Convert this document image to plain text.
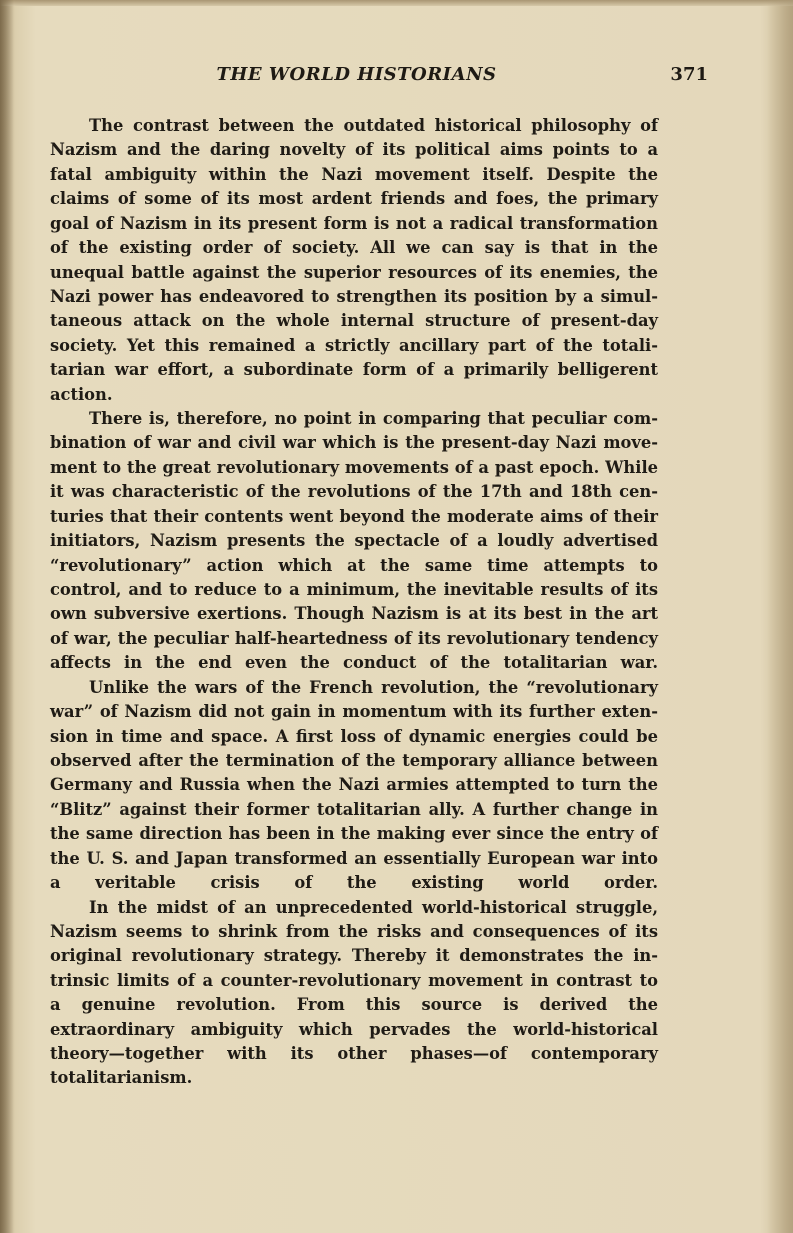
THE WORLD HISTORIANS	371

The contrast between the outdated historical philosophy of Nazism and the daring novelty of its political aims points to a fatal ambiguity within the Nazi movement itself. Despite the claims of some of its most ardent friends and foes, the primary goal of Nazism in its present form is not a radical transformation of the existing order of society. All we can say is that in the unequal battle against the superior resources of its enemies, the Nazi power has endeavored to strengthen its position by a simultaneous attack on the whole internal structure of present-day society. Yet this remained a strictly ancillary part of the totalitarian war effort, a subordinate form of a primarily belligerent action.

There is, therefore, no point in comparing that peculiar combination of war and civil war which is the present-day Nazi movement to the great revolutionary movements of a past epoch. While it was characteristic of the revolutions of the 17th and 18th centuries that their contents went beyond the moderate aims of their initiators, Nazism presents the spectacle of a loudly advertised “revolutionary” action which at the same time attempts to control, and to reduce to a minimum, the inevitable results of its own subversive exertions. Though Nazism is at its best in the art of war, the peculiar half-heartedness of its revolutionary tendency affects in the end even the conduct of the totalitarian war.

Unlike the wars of the French revolution, the “revolutionary war” of Nazism did not gain in momentum with its further extension in time and space. A first loss of dynamic energies could be observed after the termination of the temporary alliance between Germany and Russia when the Nazi armies attempted to turn the “Blitz” against their former totalitarian ally. A further change in the same direction has been in the making ever since the entry of the U. S. and Japan transformed an essentially European war into a veritable crisis of the existing world order.

In the midst of an unprecedented world-historical struggle, Nazism seems to shrink from the risks and consequences of its original revolutionary strategy. Thereby it demonstrates the intrinsic limits of a counter-revolutionary movement in contrast to a genuine revolution. From this source is derived the extraordinary ambiguity which pervades the world-historical theory—together with its other phases—of contemporary totalitarianism.
